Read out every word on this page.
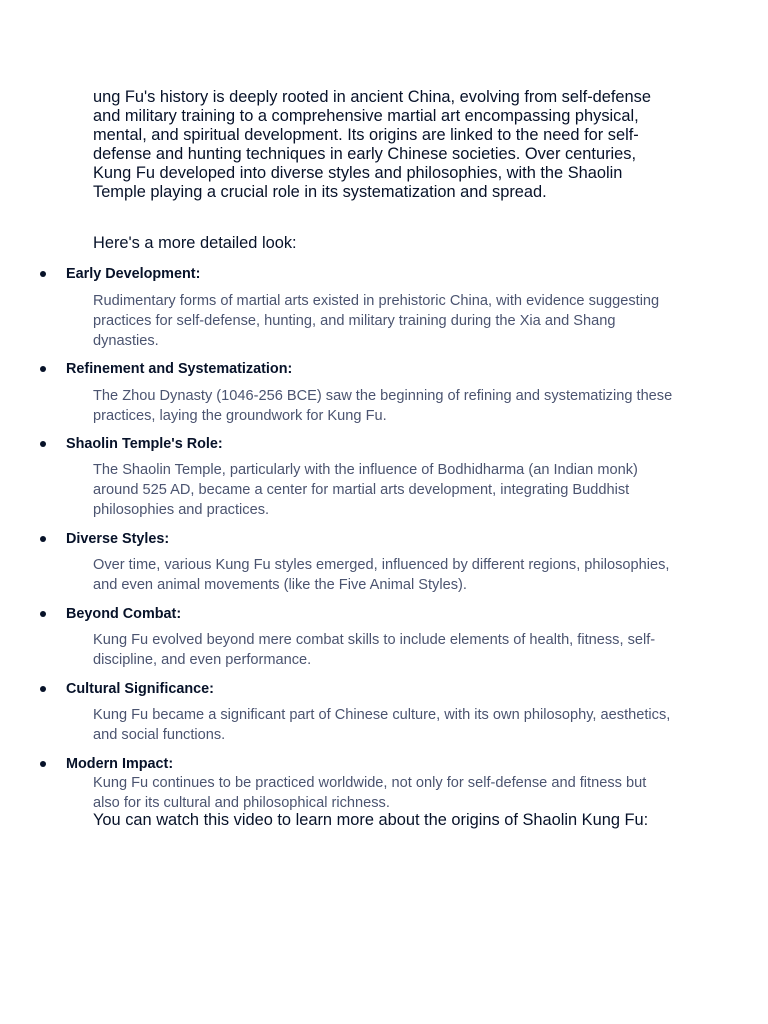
ung Fu's history is deeply rooted in ancient China, evolving from self-defense and military training to a comprehensive martial art encompassing physical, mental, and spiritual development. Its origins are linked to the need for self-defense and hunting techniques in early Chinese societies. Over centuries, Kung Fu developed into diverse styles and philosophies, with the Shaolin Temple playing a crucial role in its systematization and spread.

Here's a more detailed look:

Early Development:

Rudimentary forms of martial arts existed in prehistoric China, with evidence suggesting practices for self-defense, hunting, and military training during the Xia and Shang dynasties.

Refinement and Systematization:

The Zhou Dynasty (1046-256 BCE) saw the beginning of refining and systematizing these practices, laying the groundwork for Kung Fu.

Shaolin Temple's Role:

The Shaolin Temple, particularly with the influence of Bodhidharma (an Indian monk) around 525 AD, became a center for martial arts development, integrating Buddhist philosophies and practices.

Diverse Styles:

Over time, various Kung Fu styles emerged, influenced by different regions, philosophies, and even animal movements (like the Five Animal Styles).

Beyond Combat:

Kung Fu evolved beyond mere combat skills to include elements of health, fitness, self-discipline, and even performance.

Cultural Significance:

Kung Fu became a significant part of Chinese culture, with its own philosophy, aesthetics, and social functions.

Modern Impact:

Kung Fu continues to be practiced worldwide, not only for self-defense and fitness but also for its cultural and philosophical richness.

You can watch this video to learn more about the origins of Shaolin Kung Fu:
